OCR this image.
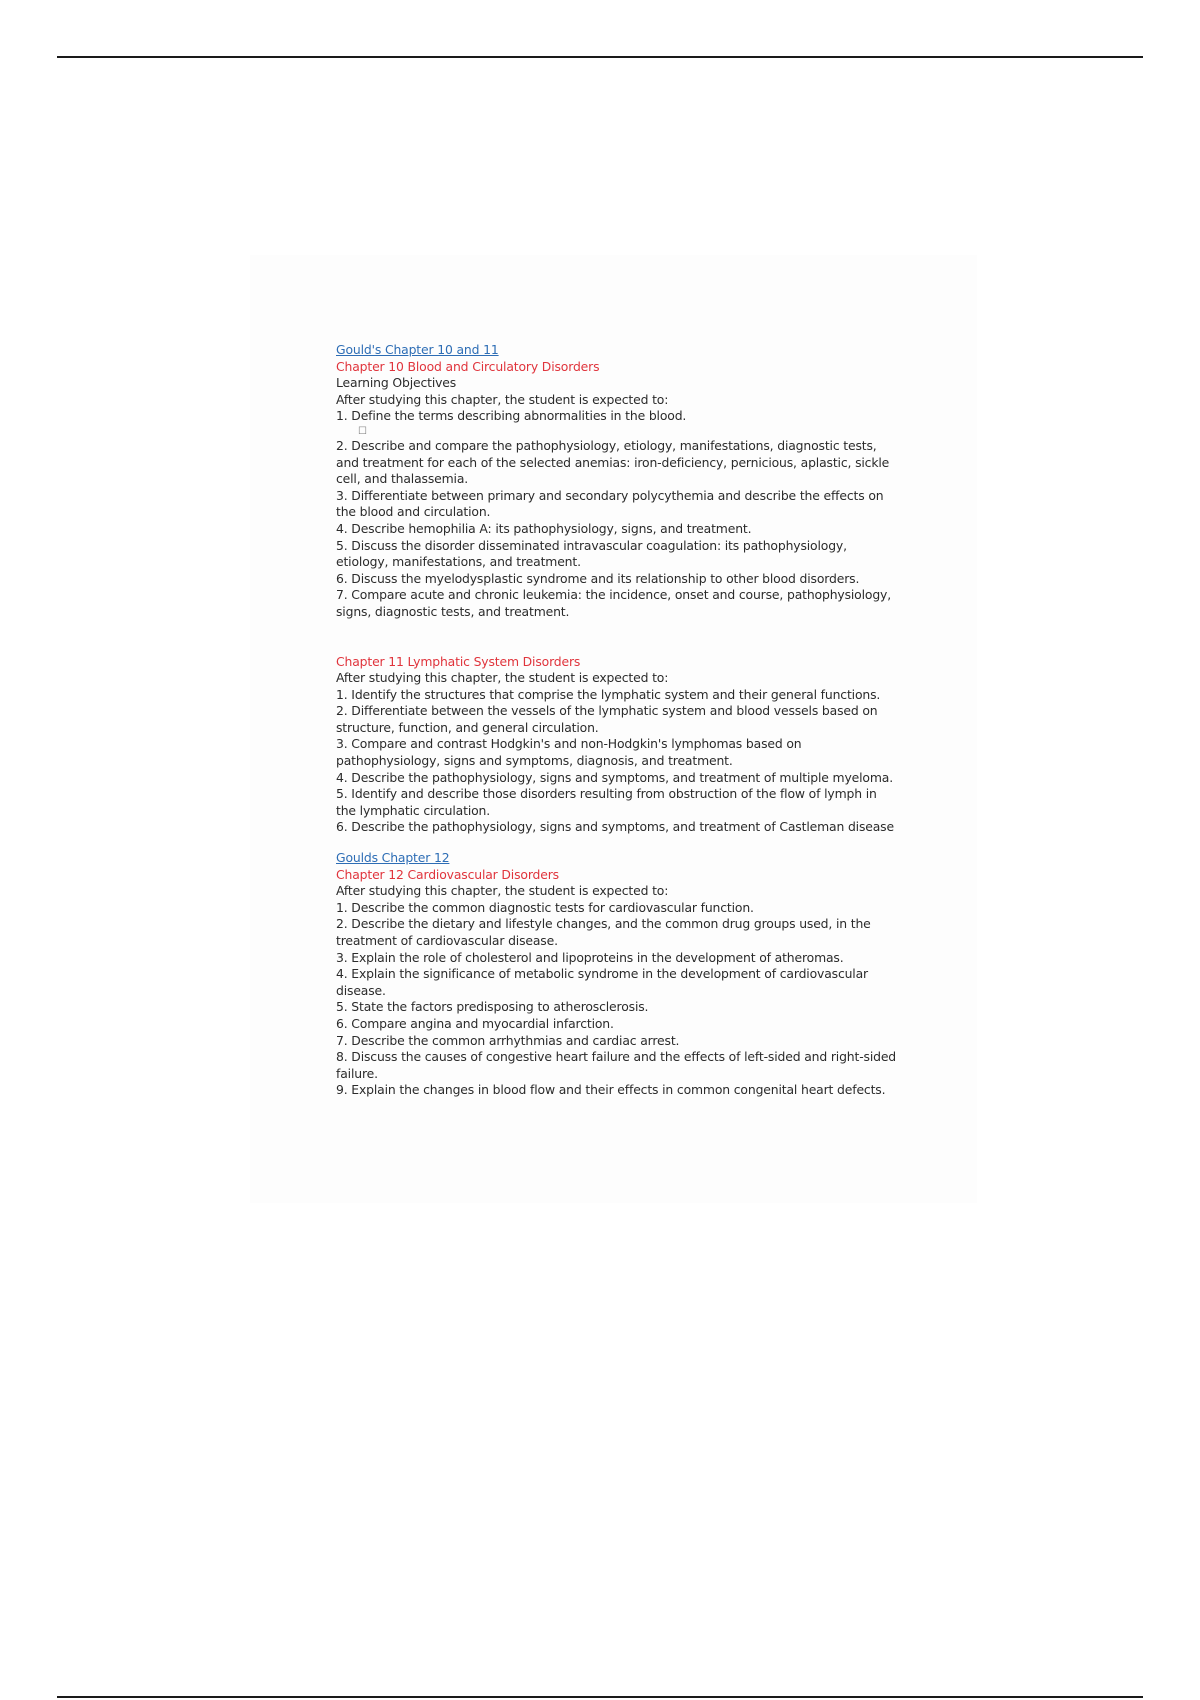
Gould's Chapter 10 and 11
Chapter 10 Blood and Circulatory Disorders
Learning Objectives
After studying this chapter, the student is expected to:
1. Define the terms describing abnormalities in the blood.
☐
2. Describe and compare the pathophysiology, etiology, manifestations, diagnostic tests,
and treatment for each of the selected anemias: iron-deficiency, pernicious, aplastic, sickle
cell, and thalassemia.
3. Differentiate between primary and secondary polycythemia and describe the effects on
the blood and circulation.
4. Describe hemophilia A: its pathophysiology, signs, and treatment.
5. Discuss the disorder disseminated intravascular coagulation: its pathophysiology,
etiology, manifestations, and treatment.
6. Discuss the myelodysplastic syndrome and its relationship to other blood disorders.
7. Compare acute and chronic leukemia: the incidence, onset and course, pathophysiology,
signs, diagnostic tests, and treatment.
Chapter 11 Lymphatic System Disorders
After studying this chapter, the student is expected to:
1. Identify the structures that comprise the lymphatic system and their general functions.
2. Differentiate between the vessels of the lymphatic system and blood vessels based on
structure, function, and general circulation.
3. Compare and contrast Hodgkin's and non-Hodgkin's lymphomas based on
pathophysiology, signs and symptoms, diagnosis, and treatment.
4. Describe the pathophysiology, signs and symptoms, and treatment of multiple myeloma.
5. Identify and describe those disorders resulting from obstruction of the flow of lymph in
the lymphatic circulation.
6. Describe the pathophysiology, signs and symptoms, and treatment of Castleman disease
Goulds Chapter 12
Chapter 12 Cardiovascular Disorders
After studying this chapter, the student is expected to:
1. Describe the common diagnostic tests for cardiovascular function.
2. Describe the dietary and lifestyle changes, and the common drug groups used, in the
treatment of cardiovascular disease.
3. Explain the role of cholesterol and lipoproteins in the development of atheromas.
4. Explain the significance of metabolic syndrome in the development of cardiovascular
disease.
5. State the factors predisposing to atherosclerosis.
6. Compare angina and myocardial infarction.
7. Describe the common arrhythmias and cardiac arrest.
8. Discuss the causes of congestive heart failure and the effects of left-sided and right-sided
failure.
9. Explain the changes in blood flow and their effects in common congenital heart defects.
